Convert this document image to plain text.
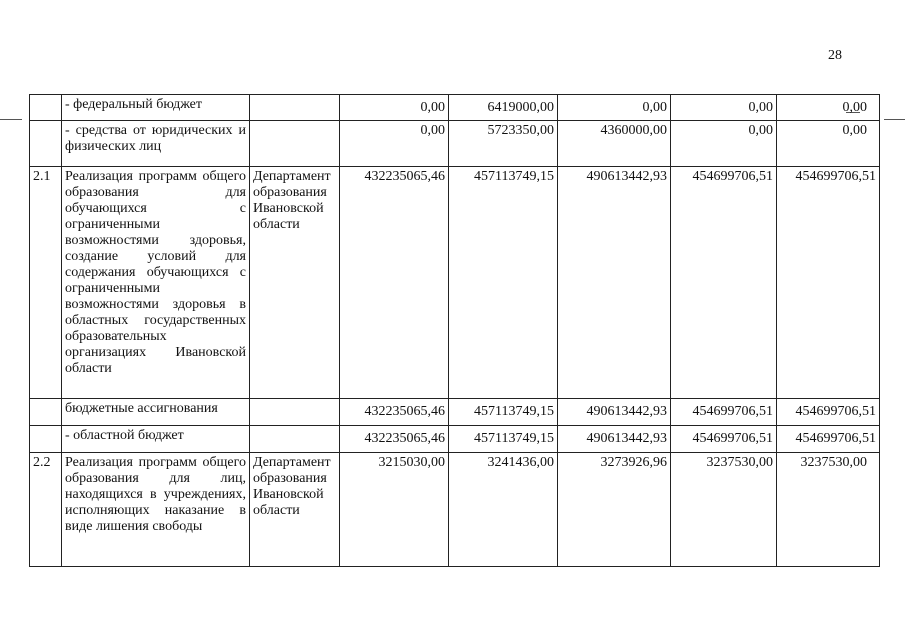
28
	- федеральный бюджет		0,00	6419000,00	0,00	0,00	0,00
	- средства от юридических и физических лиц		0,00	5723350,00	4360000,00	0,00	0,00
2.1	Реализация программ общего образования для обучающихся с ограниченными возможностями здоровья, создание условий для содержания обучающихся с ограниченными возможностями здоровья в областных государственных образовательных организациях Ивановской области	Департамент образования Ивановской области	432235065,46	457113749,15	490613442,93	454699706,51	454699706,51
	бюджетные ассигнования		432235065,46	457113749,15	490613442,93	454699706,51	454699706,51
	- областной бюджет		432235065,46	457113749,15	490613442,93	454699706,51	454699706,51
2.2	Реализация программ общего образования для лиц, находящихся в учреждениях, исполняющих наказание в виде лишения свободы	Департамент образования Ивановской области	3215030,00	3241436,00	3273926,96	3237530,00	3237530,00
